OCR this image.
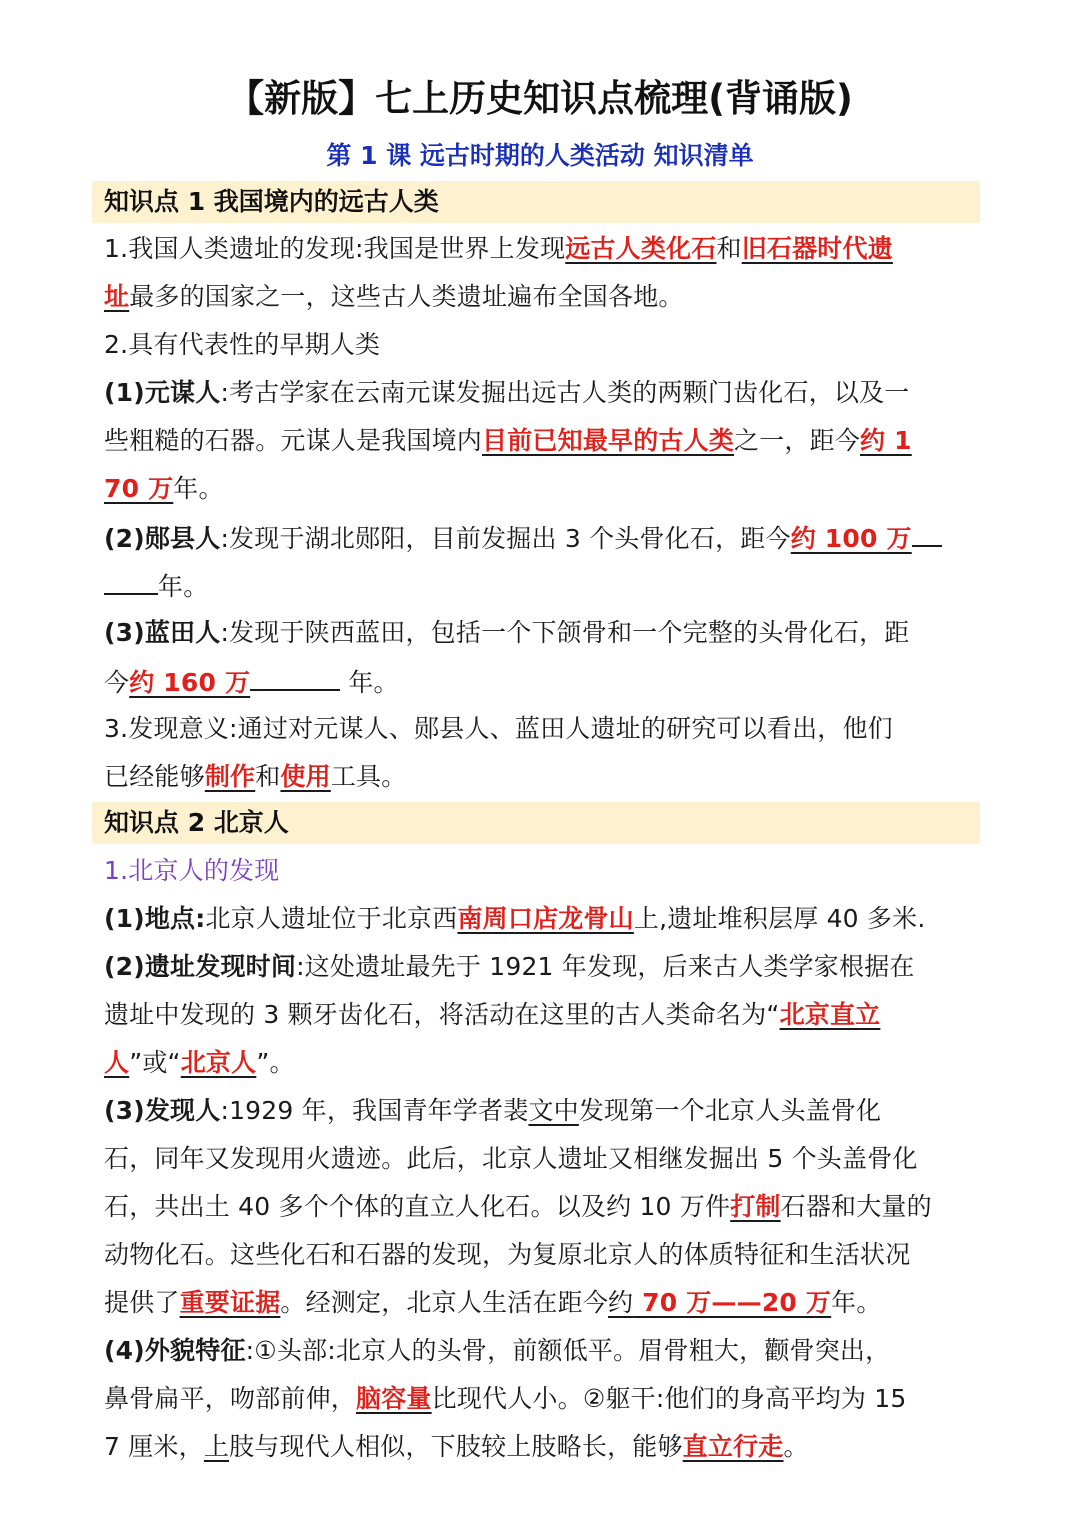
【新版】七上历史知识点梳理(背诵版)
第 1 课 远古时期的人类活动 知识清单
知识点 1 我国境内的远古人类
1.我国人类遗址的发现:我国是世界上发现远古人类化石和旧石器时代遗
址最多的国家之一，这些古人类遗址遍布全国各地。
2.具有代表性的早期人类
(1)元谋人:考古学家在云南元谋发掘出远古人类的两颗门齿化石，以及一
些粗糙的石器。元谋人是我国境内目前已知最早的古人类之一，距今约 1
70 万年。
(2)郧县人:发现于湖北郧阳，目前发掘出 3 个头骨化石，距今约 100 万
年。
(3)蓝田人:发现于陕西蓝田，包括一个下颌骨和一个完整的头骨化石，距
今约 160 万	年。
3.发现意义:通过对元谋人、郧县人、蓝田人遗址的研究可以看出，他们
已经能够制作和使用工具。
知识点 2 北京人
1.北京人的发现
(1)地点:北京人遗址位于北京西南周口店龙骨山上,遗址堆积层厚 40 多米.
(2)遗址发现时间:这处遗址最先于 1921 年发现，后来古人类学家根据在
遗址中发现的 3 颗牙齿化石，将活动在这里的古人类命名为“北京直立
人”或“北京人”。
(3)发现人:1929 年，我国青年学者裴文中发现第一个北京人头盖骨化
石，同年又发现用火遗迹。此后，北京人遗址又相继发掘出 5 个头盖骨化
石，共出土 40 多个个体的直立人化石。以及约 10 万件打制石器和大量的
动物化石。这些化石和石器的发现，为复原北京人的体质特征和生活状况
提供了重要证据。经测定，北京人生活在距今约 70 万——20 万年。
(4)外貌特征:①头部:北京人的头骨，前额低平。眉骨粗大，颧骨突出，
鼻骨扁平，吻部前伸，脑容量比现代人小。②躯干:他们的身高平均为 15
7 厘米，上肢与现代人相似，下肢较上肢略长，能够直立行走。
